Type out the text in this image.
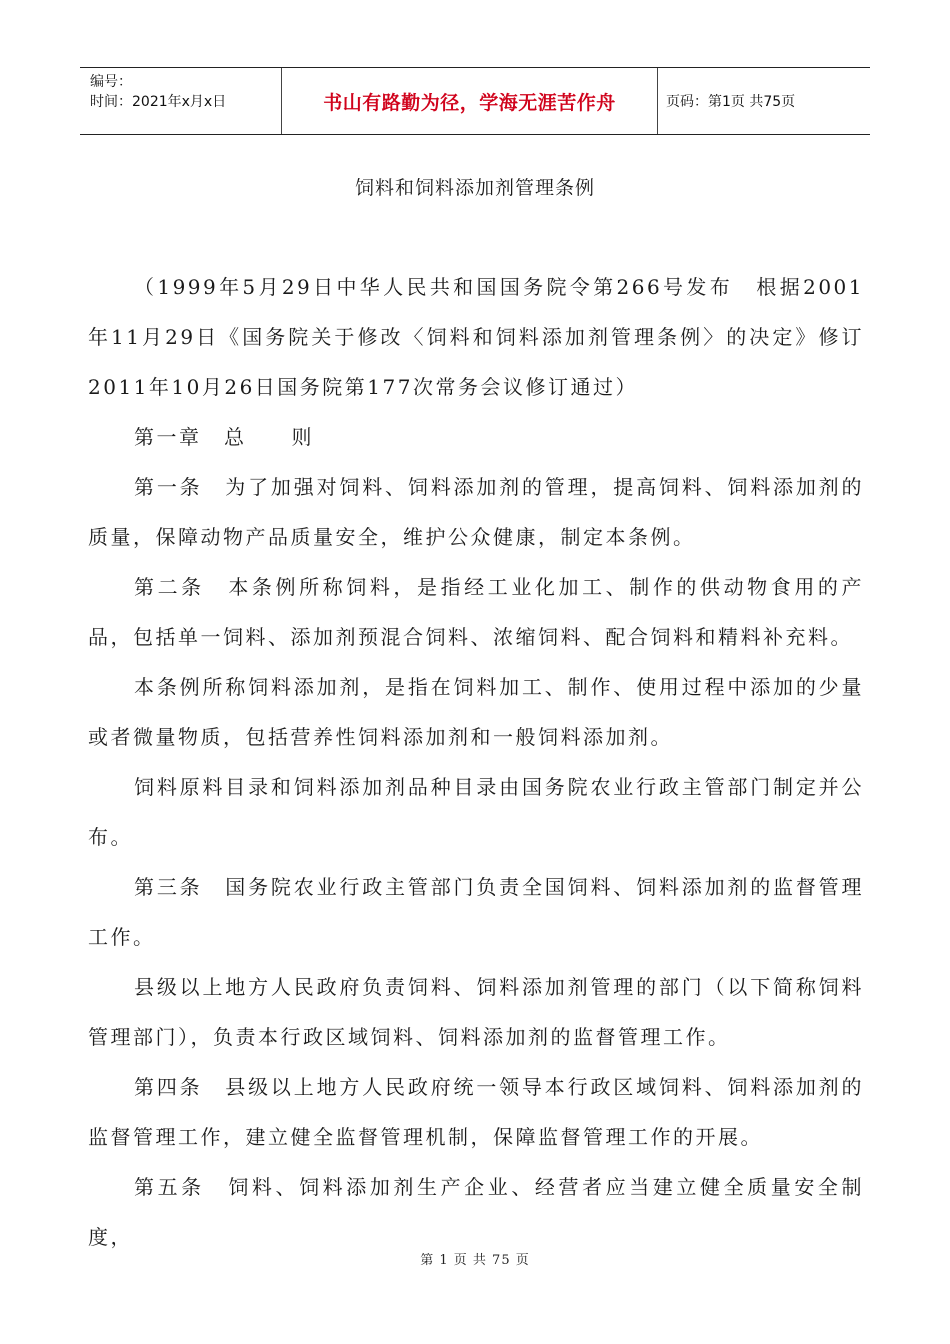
编号：
时间：2021年x月x日	书山有路勤为径，学海无涯苦作舟	页码：第1页 共75页
饲料和饲料添加剂管理条例

（1999年5月29日中华人民共和国国务院令第266号发布　根据2001年11月29日《国务院关于修改〈饲料和饲料添加剂管理条例〉的决定》修订　2011年10月26日国务院第177次常务会议修订通过）

第一章　总　　则

第一条　为了加强对饲料、饲料添加剂的管理，提高饲料、饲料添加剂的质量，保障动物产品质量安全，维护公众健康，制定本条例。

第二条　本条例所称饲料，是指经工业化加工、制作的供动物食用的产品，包括单一饲料、添加剂预混合饲料、浓缩饲料、配合饲料和精料补充料。

本条例所称饲料添加剂，是指在饲料加工、制作、使用过程中添加的少量或者微量物质，包括营养性饲料添加剂和一般饲料添加剂。

饲料原料目录和饲料添加剂品种目录由国务院农业行政主管部门制定并公布。

第三条　国务院农业行政主管部门负责全国饲料、饲料添加剂的监督管理工作。

县级以上地方人民政府负责饲料、饲料添加剂管理的部门（以下简称饲料管理部门），负责本行政区域饲料、饲料添加剂的监督管理工作。

第四条　县级以上地方人民政府统一领导本行政区域饲料、饲料添加剂的监督管理工作，建立健全监督管理机制，保障监督管理工作的开展。

第五条　饲料、饲料添加剂生产企业、经营者应当建立健全质量安全制度，

第 1 页 共 75 页
